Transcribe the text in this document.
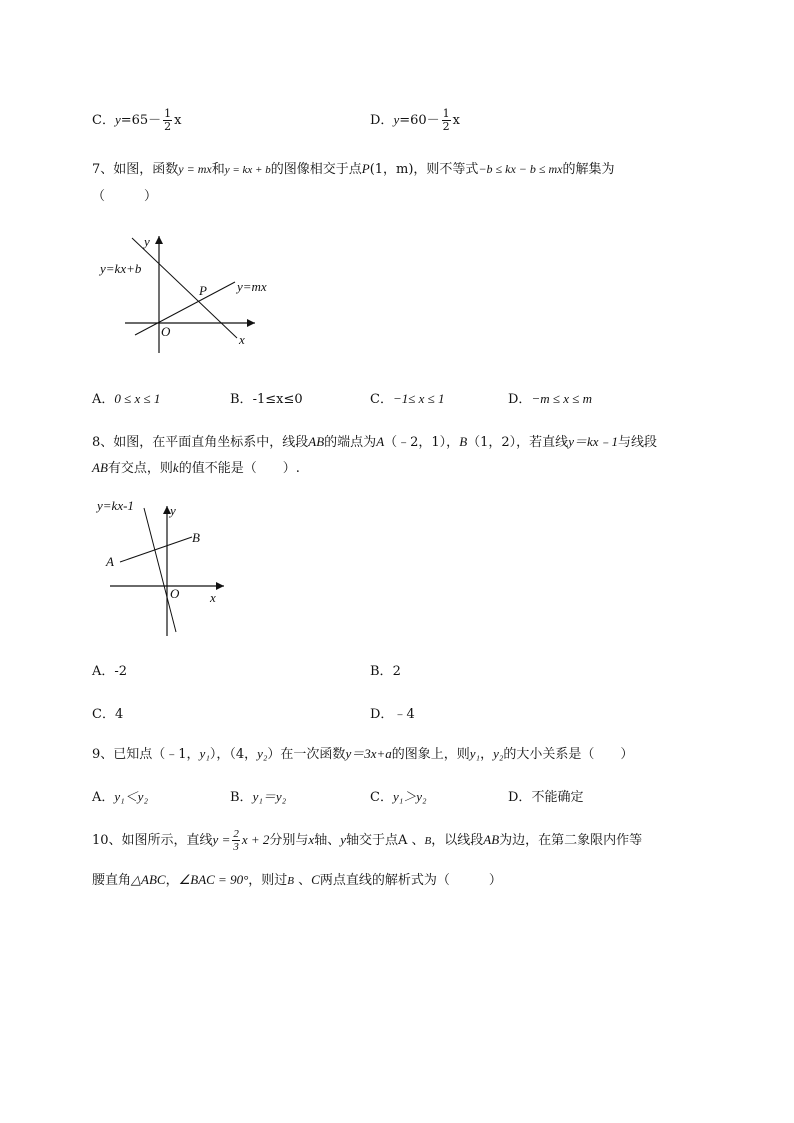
C．$y=65- \frac{1}{2}$ x	D．$y=60- \frac{1}{2}$ x
7、如图，函数y = mx和y = kx + b的图像相交于点P(1，m)，则不等式−b ≤ kx − b ≤ mx的解集为
（　　　）
y
x
O
P
y=kx+b
y=mx
A．0 ≤ x ≤ 1	B．-1≤x≤0	C．−1≤ x ≤ 1	D．−m ≤ x ≤ m
8、如图，在平面直角坐标系中，线段AB的端点为A（﹣2，1），B（1，2），若直线y＝kx﹣1与线段
AB有交点，则k的值不能是（　　）.
y=kx-1	y
x
O
A
B
A．-2	B．2
C．4	D．﹣4
9、已知点（﹣1，y₁），（4，y₂）在一次函数y＝3x+a的图象上，则y₁，y₂的大小关系是（　　）
A．y₁＜y₂	B．y₁＝y₂	C．y₁＞y₂	D．不能确定
10、如图所示，直线$y = \frac{2}{3}$ x + 2分别与x轴、y轴交于点A 、B，以线段AB为边，在第二象限内作等
腰直角△ABC，∠BAC = 90°，则过B 、C两点直线的解析式为（　　　）
